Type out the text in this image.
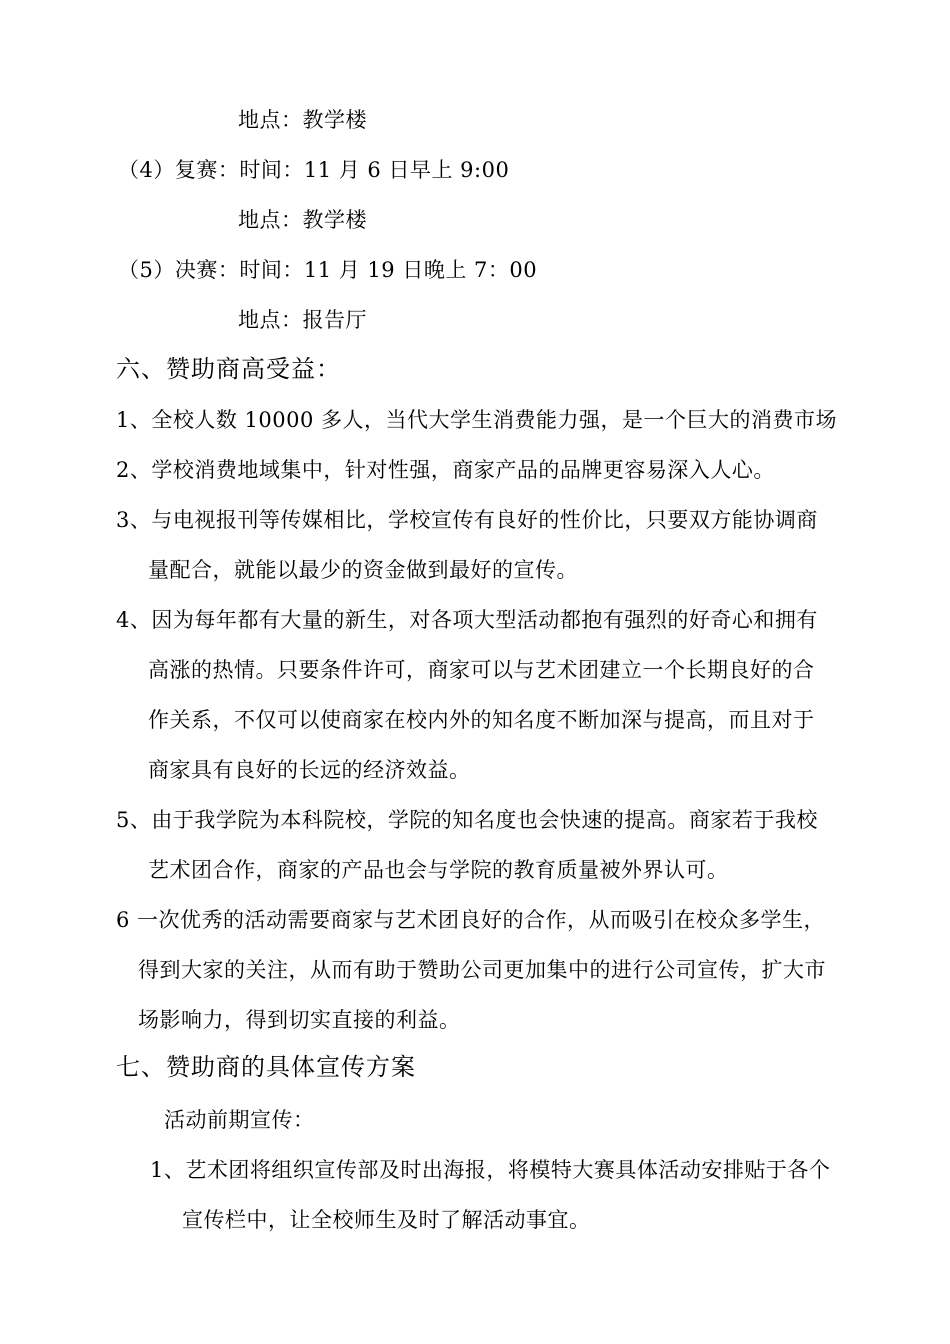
地点：教学楼
（4）复赛：时间：11 月 6 日早上 9:00
地点：教学楼
（5）决赛：时间：11 月 19 日晚上 7：00
地点：报告厅
六、赞助商高受益：
1、全校人数 10000 多人，当代大学生消费能力强，是一个巨大的消费市场
2、学校消费地域集中，针对性强，商家产品的品牌更容易深入人心。
3、与电视报刊等传媒相比，学校宣传有良好的性价比，只要双方能协调商
量配合，就能以最少的资金做到最好的宣传。
4、因为每年都有大量的新生，对各项大型活动都抱有强烈的好奇心和拥有
高涨的热情。只要条件许可，商家可以与艺术团建立一个长期良好的合
作关系，不仅可以使商家在校内外的知名度不断加深与提高，而且对于
商家具有良好的长远的经济效益。
5、由于我学院为本科院校，学院的知名度也会快速的提高。商家若于我校
艺术团合作，商家的产品也会与学院的教育质量被外界认可。
6 一次优秀的活动需要商家与艺术团良好的合作，从而吸引在校众多学生，
得到大家的关注，从而有助于赞助公司更加集中的进行公司宣传，扩大市
场影响力，得到切实直接的利益。
七、赞助商的具体宣传方案
活动前期宣传：
1、艺术团将组织宣传部及时出海报，将模特大赛具体活动安排贴于各个
宣传栏中，让全校师生及时了解活动事宜。
